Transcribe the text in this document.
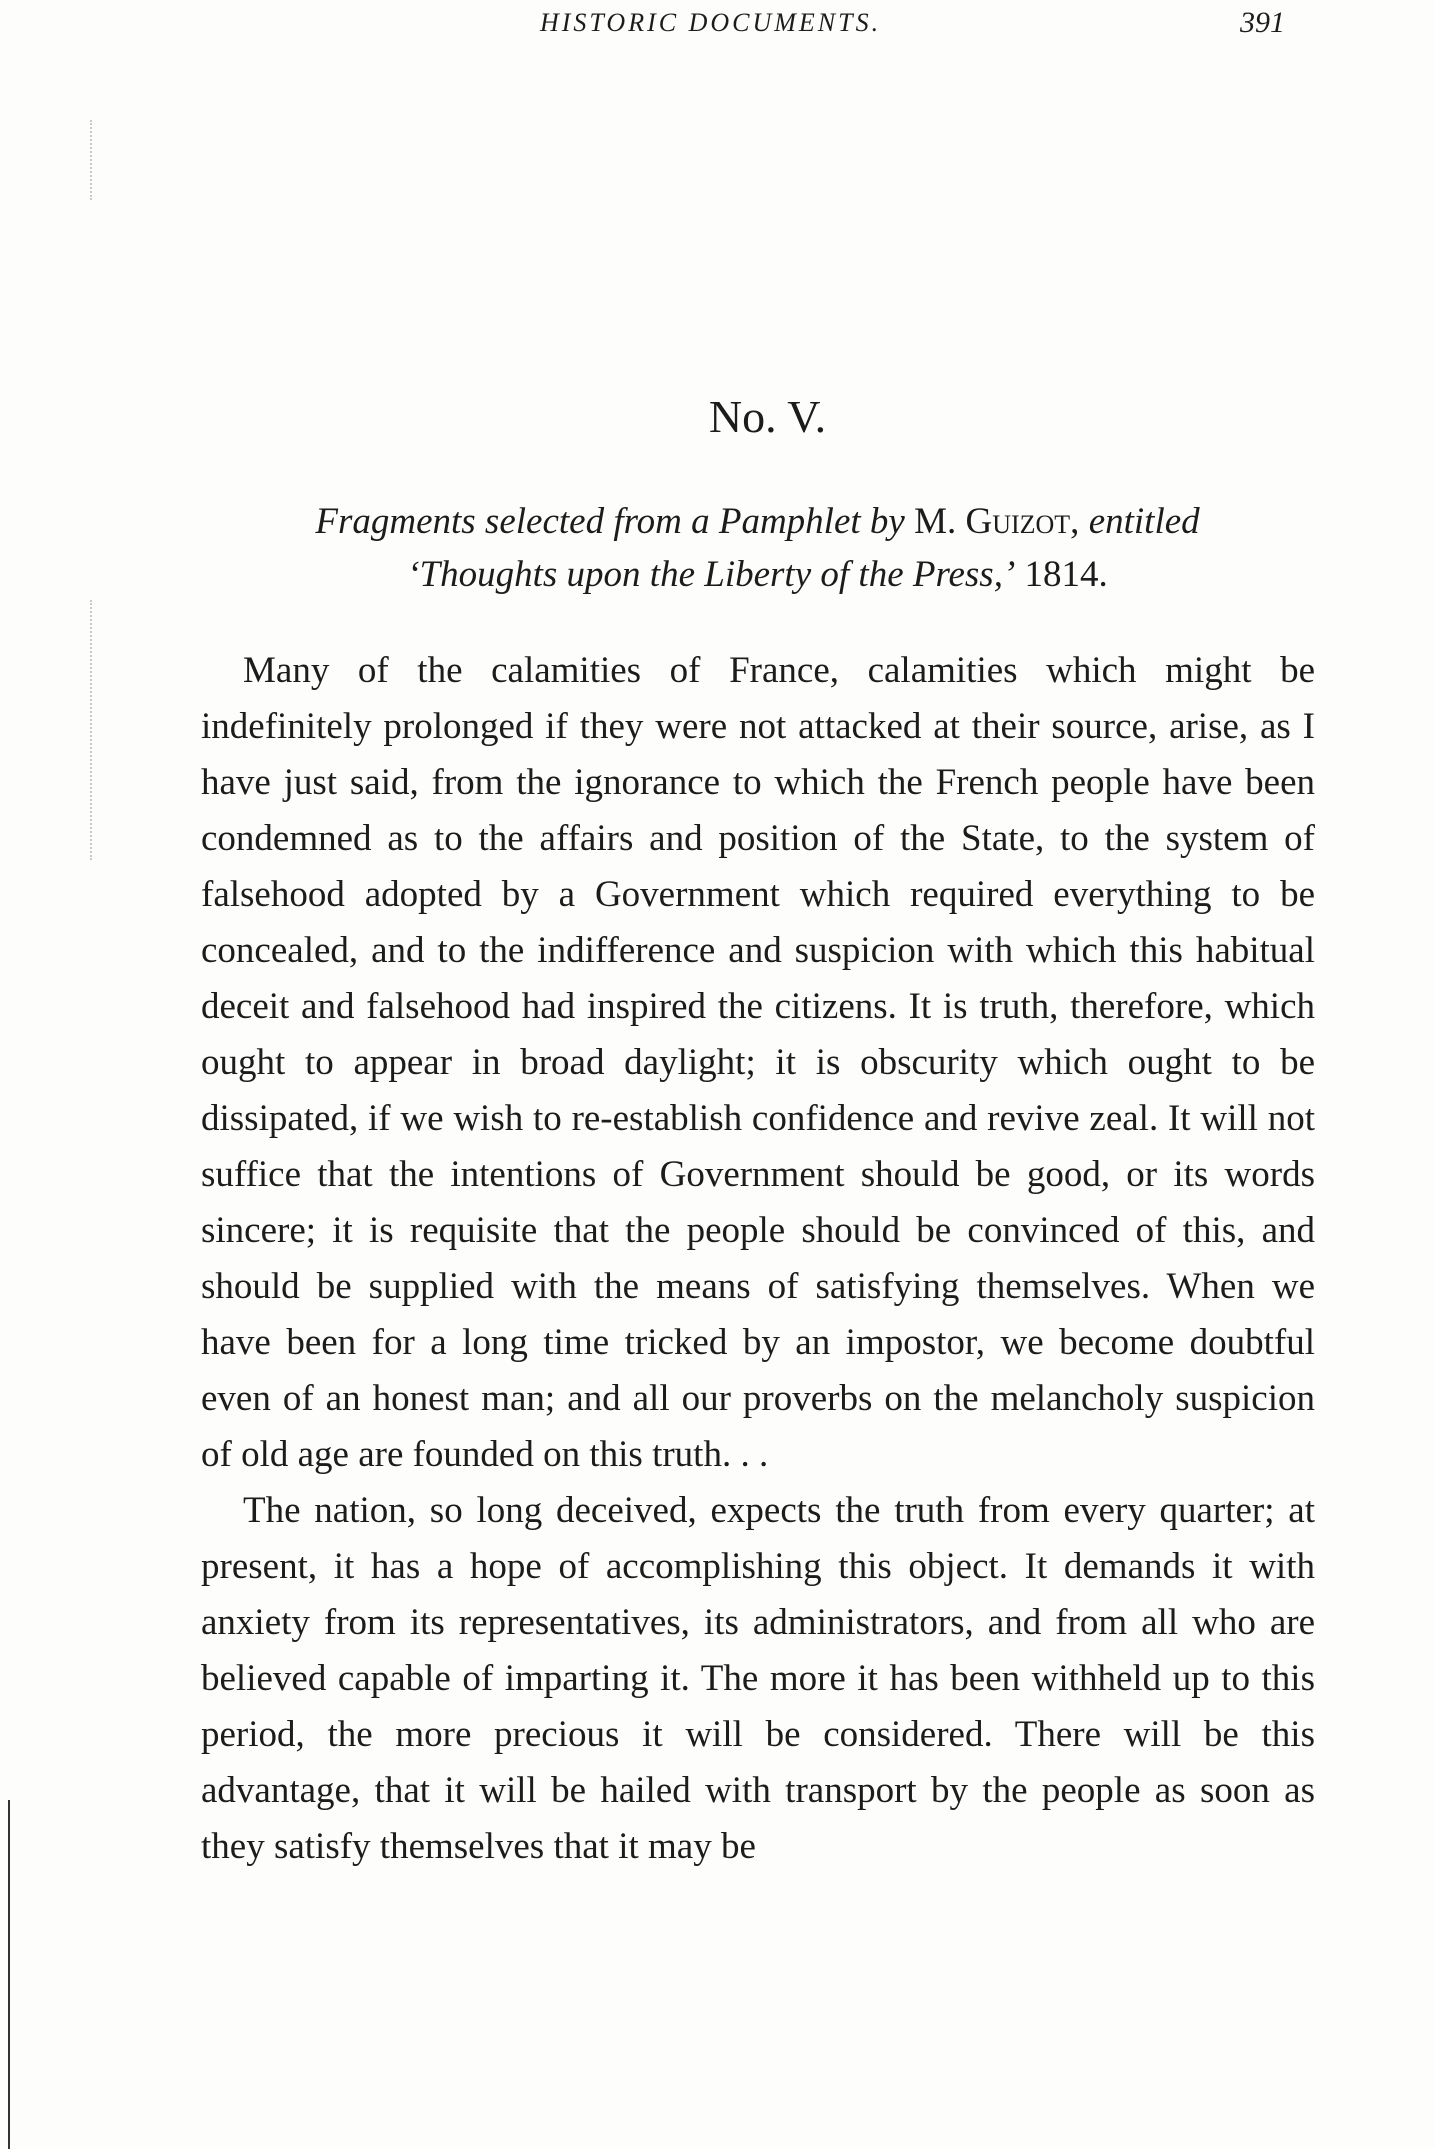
HISTORIC DOCUMENTS.	391
No. V.
Fragments selected from a Pamphlet by M. Guizot, entitled
‘Thoughts upon the Liberty of the Press,’ 1814.

Many of the calamities of France, calamities which might be indefinitely prolonged if they were not attacked at their source, arise, as I have just said, from the ignorance to which the French people have been condemned as to the affairs and position of the State, to the system of falsehood adopted by a Government which required everything to be concealed, and to the indifference and suspicion with which this habitual deceit and falsehood had inspired the citizens. It is truth, therefore, which ought to appear in broad daylight; it is obscurity which ought to be dissipated, if we wish to re-establish confidence and revive zeal. It will not suffice that the intentions of Government should be good, or its words sincere; it is requisite that the people should be convinced of this, and should be supplied with the means of satisfying themselves. When we have been for a long time tricked by an impostor, we become doubtful even of an honest man; and all our proverbs on the melancholy suspicion of old age are founded on this truth. . .

The nation, so long deceived, expects the truth from every quarter; at present, it has a hope of accomplishing this object. It demands it with anxiety from its representatives, its administrators, and from all who are believed capable of imparting it. The more it has been withheld up to this period, the more precious it will be considered. There will be this advantage, that it will be hailed with transport by the people as soon as they satisfy themselves that it may be
